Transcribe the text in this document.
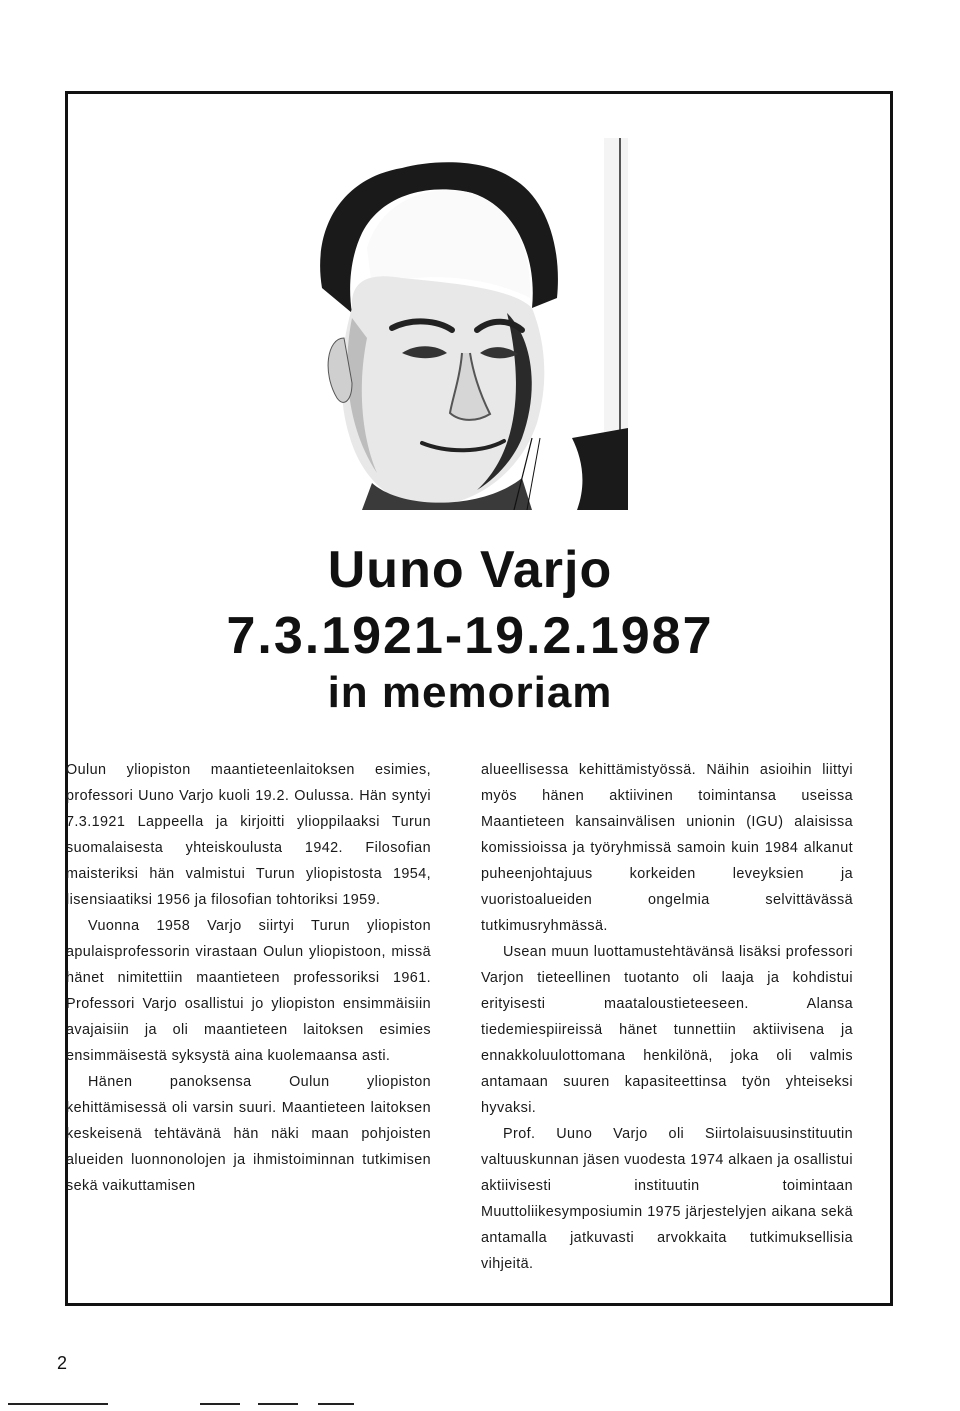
Uuno Varjo
7.3.1921-19.2.1987
in memoriam

Oulun yliopiston maantieteenlaitoksen esimies, professori Uuno Varjo kuoli 19.2. Oulussa. Hän syntyi 7.3.1921 Lappeella ja kirjoitti ylioppilaaksi Turun suomalaisesta yhteiskoulusta 1942. Filosofian maisteriksi hän valmistui Turun yliopistosta 1954, lisensiaatiksi 1956 ja filosofian tohtoriksi 1959.

Vuonna 1958 Varjo siirtyi Turun yliopiston apulaisprofessorin virastaan Oulun yliopistoon, missä hänet nimitettiin maantieteen professoriksi 1961. Professori Varjo osallistui jo yliopiston ensimmäisiin avajaisiin ja oli maantieteen laitoksen esimies ensimmäisestä syksystä aina kuolemaansa asti.

Hänen panoksensa Oulun yliopiston kehittämisessä oli varsin suuri. Maantieteen laitoksen keskeisenä tehtävänä hän näki maan pohjoisten alueiden luonnonolojen ja ihmistoiminnan tutkimisen sekä vaikuttamisen

alueellisessa kehittämistyössä. Näihin asioihin liittyi myös hänen aktiivinen toimintansa useissa Maantieteen kansainvälisen unionin (IGU) alaisissa komissioissa ja työryhmissä samoin kuin 1984 alkanut puheenjohtajuus korkeiden leveyksien ja vuoristoalueiden ongelmia selvittävässä tutkimusryhmässä.

Usean muun luottamustehtävänsä lisäksi professori Varjon tieteellinen tuotanto oli laaja ja kohdistui erityisesti maataloustieteeseen. Alansa tiedemiespiireissä hänet tunnettiin aktiivisena ja ennakkoluulottomana henkilönä, joka oli valmis antamaan suuren kapasiteettinsa työn yhteiseksi hyvaksi.

Prof. Uuno Varjo oli Siirtolaisuusinstituutin valtuuskunnan jäsen vuodesta 1974 alkaen ja osallistui aktiivisesti instituutin toimintaan Muuttoliikesymposiumin 1975 järjestelyjen aikana sekä antamalla jatkuvasti arvokkaita tutkimuksellisia vihjeitä.

2
